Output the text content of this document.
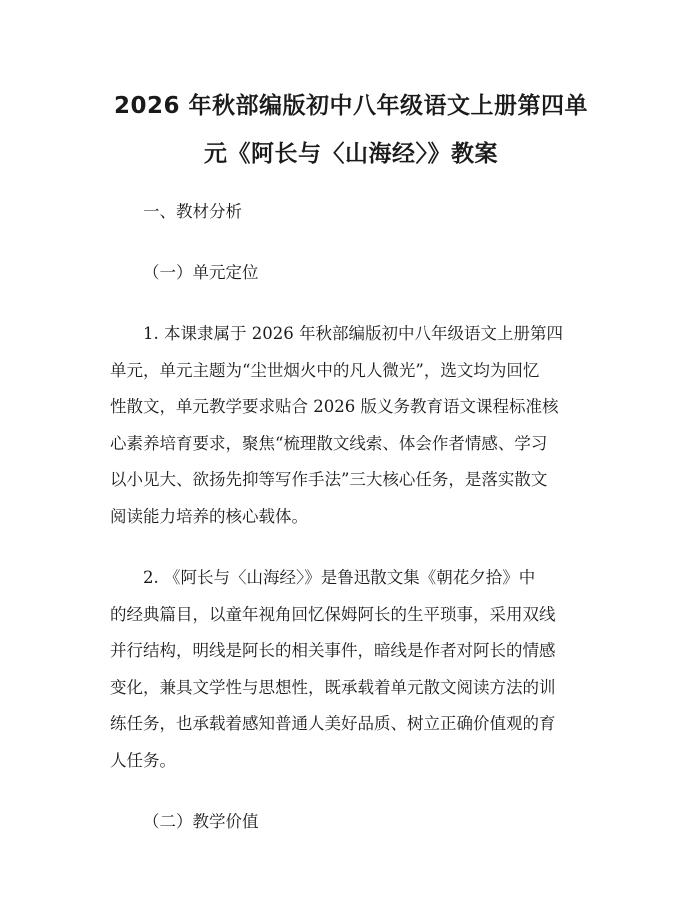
2026 年秋部编版初中八年级语文上册第四单
元《阿长与〈山海经〉》教案

一、教材分析

（一）单元定位

1. 本课隶属于 2026 年秋部编版初中八年级语文上册第四
单元，单元主题为“尘世烟火中的凡人微光”，选文均为回忆
性散文，单元教学要求贴合 2026 版义务教育语文课程标准核
心素养培育要求，聚焦“梳理散文线索、体会作者情感、学习
以小见大、欲扬先抑等写作手法”三大核心任务，是落实散文
阅读能力培养的核心载体。

2. 《阿长与〈山海经〉》是鲁迅散文集《朝花夕拾》中
的经典篇目，以童年视角回忆保姆阿长的生平琐事，采用双线
并行结构，明线是阿长的相关事件，暗线是作者对阿长的情感
变化，兼具文学性与思想性，既承载着单元散文阅读方法的训
练任务，也承载着感知普通人美好品质、树立正确价值观的育
人任务。

（二）教学价值
